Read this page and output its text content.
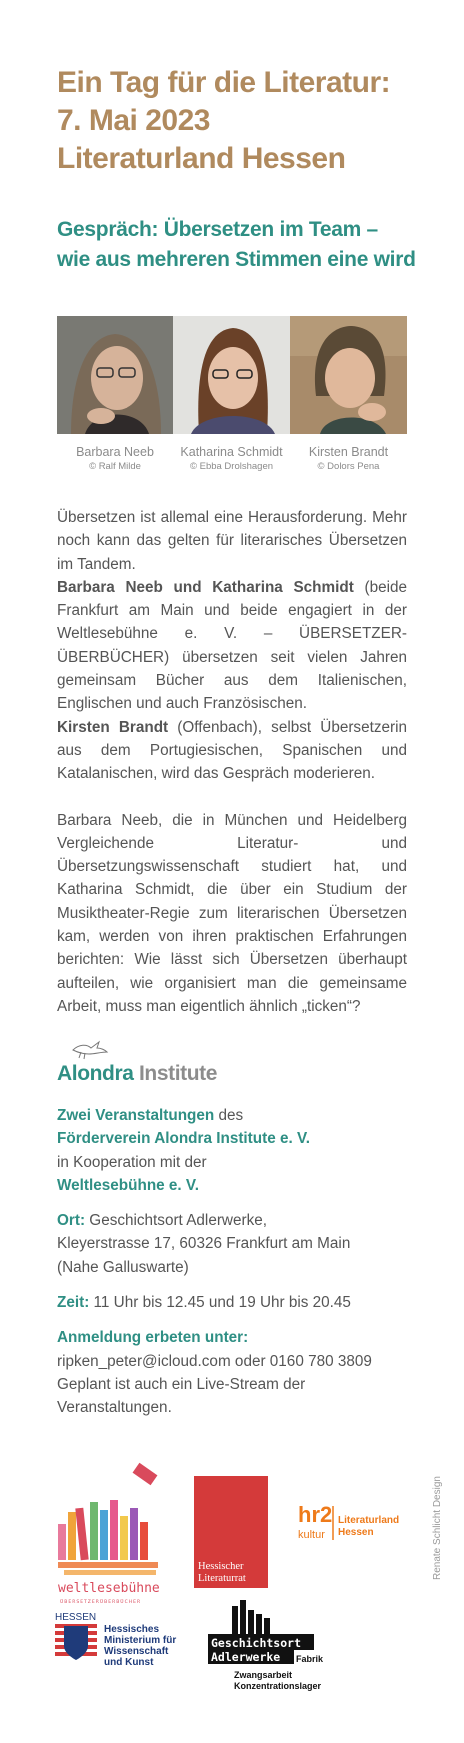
Ein Tag für die Literatur:
7. Mai 2023
Literaturland Hessen
Gespräch: Übersetzen im Team –
wie aus mehreren Stimmen eine wird
Barbara Neeb
© Ralf Milde
Katharina Schmidt
© Ebba Drolshagen
Kirsten Brandt
© Dolors Pena
Übersetzen ist allemal eine Herausforderung. Mehr noch kann das gelten für literarisches Übersetzen im Tandem.
Barbara Neeb und Katharina Schmidt (beide Frankfurt am Main und beide engagiert in der Weltlesebühne e. V. – ÜBERSETZER-ÜBERBÜCHER) übersetzen seit vielen Jahren gemeinsam Bücher aus dem Italienischen, Englischen und auch Französischen.
Kirsten Brandt (Offenbach), selbst Übersetzerin aus dem Portugiesischen, Spanischen und Katalanischen, wird das Gespräch moderieren.
Barbara Neeb, die in München und Heidelberg Vergleichende Literatur- und Übersetzungswissenschaft studiert hat, und Katharina Schmidt, die über ein Studium der Musiktheater-Regie zum literarischen Übersetzen kam, werden von ihren praktischen Erfahrungen berichten: Wie lässt sich Übersetzen überhaupt aufteilen, wie organisiert man die gemeinsame Arbeit, muss man eigentlich ähnlich „ticken“?
Alondra Institute
Zwei Veranstaltungen des
Förderverein Alondra Institute e. V.
in Kooperation mit der
Weltlesebühne e. V.
Ort: Geschichtsort Adlerwerke,
Kleyerstrasse 17, 60326 Frankfurt am Main
(Nahe Galluswarte)
Zeit: 11 Uhr bis 12.45 und 19 Uhr bis 20.45
Anmeldung erbeten unter:
ripken_peter@icloud.com oder 0160 780 3809
Geplant ist auch ein Live-Stream der Veranstaltungen.
weltlesebühne
ÜBERSETZERÜBERBÜCHER
Hessischer
Literaturrat
hr2
kultur
Literaturland
Hessen
HESSEN
Hessisches
Ministerium für
Wissenschaft
und Kunst
Geschichtsort
Adlerwerke Fabrik
Zwangsarbeit
Konzentrationslager
Renate Schlicht Design
